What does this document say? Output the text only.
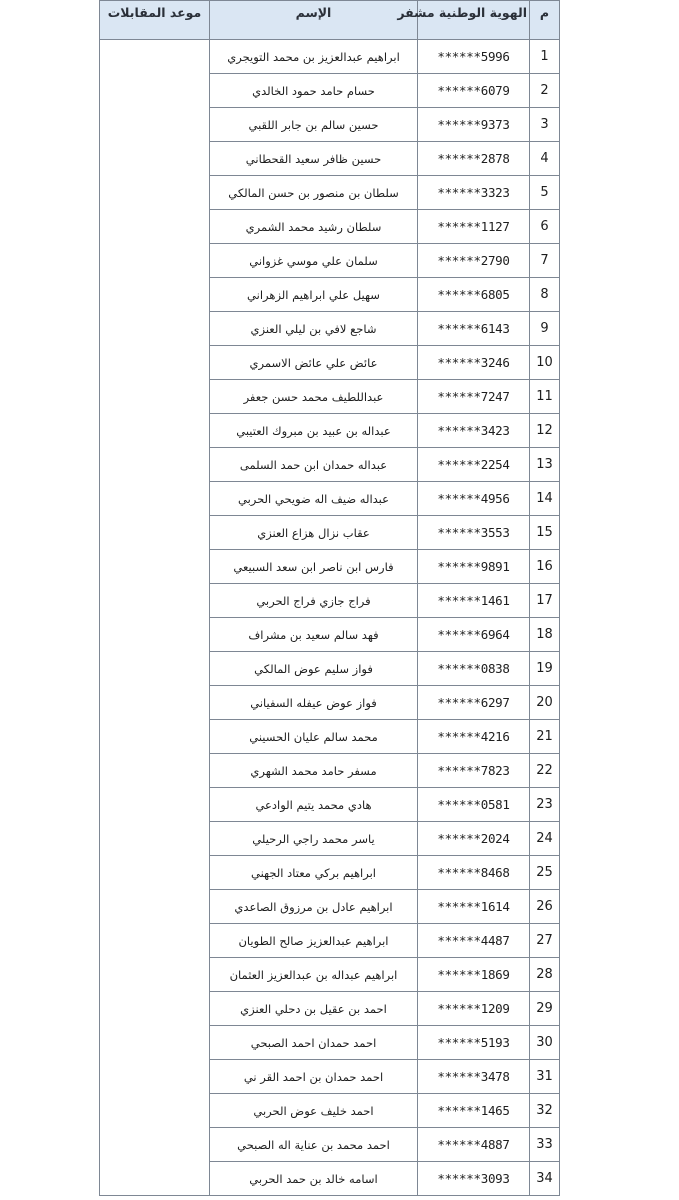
م	الهوية الوطنية مشفر	الإسم	موعد المقابلات
1	******5996	ابراهيم عبدالعزيز بن محمد التويجري	
2	******6079	حسام حامد حمود الخالدي	
3	******9373	حسين سالم بن جابر اللقبي	
4	******2878	حسين ظافر سعيد القحطاني	
5	******3323	سلطان بن منصور بن حسن المالكي	
6	******1127	سلطان رشيد محمد الشمري	
7	******2790	سلمان علي موسي غزواني	
8	******6805	سهيل علي ابراهيم الزهراني	
9	******6143	شاجع لافي بن ليلي العنزي	
10	******3246	عائض علي عائض الاسمري	
11	******7247	عبداللطيف محمد حسن جعفر	
12	******3423	عبداله بن عبيد بن مبروك العتيبي	
13	******2254	عبداله حمدان ابن حمد السلمى	
14	******4956	عبداله ضيف اله ضويحي الحربي	
15	******3553	عقاب نزال هزاع العنزي	
16	******9891	فارس ابن ناصر ابن سعد السبيعي	
17	******1461	فراج جازي فراج الحربي	
18	******6964	فهد سالم سعيد بن مشراف	
19	******0838	فواز سليم عوض المالكي	
20	******6297	فواز عوض عيفله السفياني	
21	******4216	محمد سالم عليان الحسيني	
22	******7823	مسفر حامد محمد الشهري	
23	******0581	هادي محمد يتيم الوادعي	
24	******2024	ياسر محمد راجي الرحيلي	
25	******8468	ابراهيم بركي معتاد الجهني	
26	******1614	ابراهيم عادل بن مرزوق الصاعدي	
27	******4487	ابراهيم عبدالعزيز صالح الطويان	
28	******1869	ابراهيم عبداله بن عبدالعزيز العثمان	
29	******1209	احمد بن عقيل بن دحلي العنزي	
30	******5193	احمد حمدان احمد الصبحي	
31	******3478	احمد حمدان بن احمد القر ني	
32	******1465	احمد خليف عوض الحربي	
33	******4887	احمد محمد بن عناية اله الصبحي	
34	******3093	اسامه خالد بن حمد الحربي	
